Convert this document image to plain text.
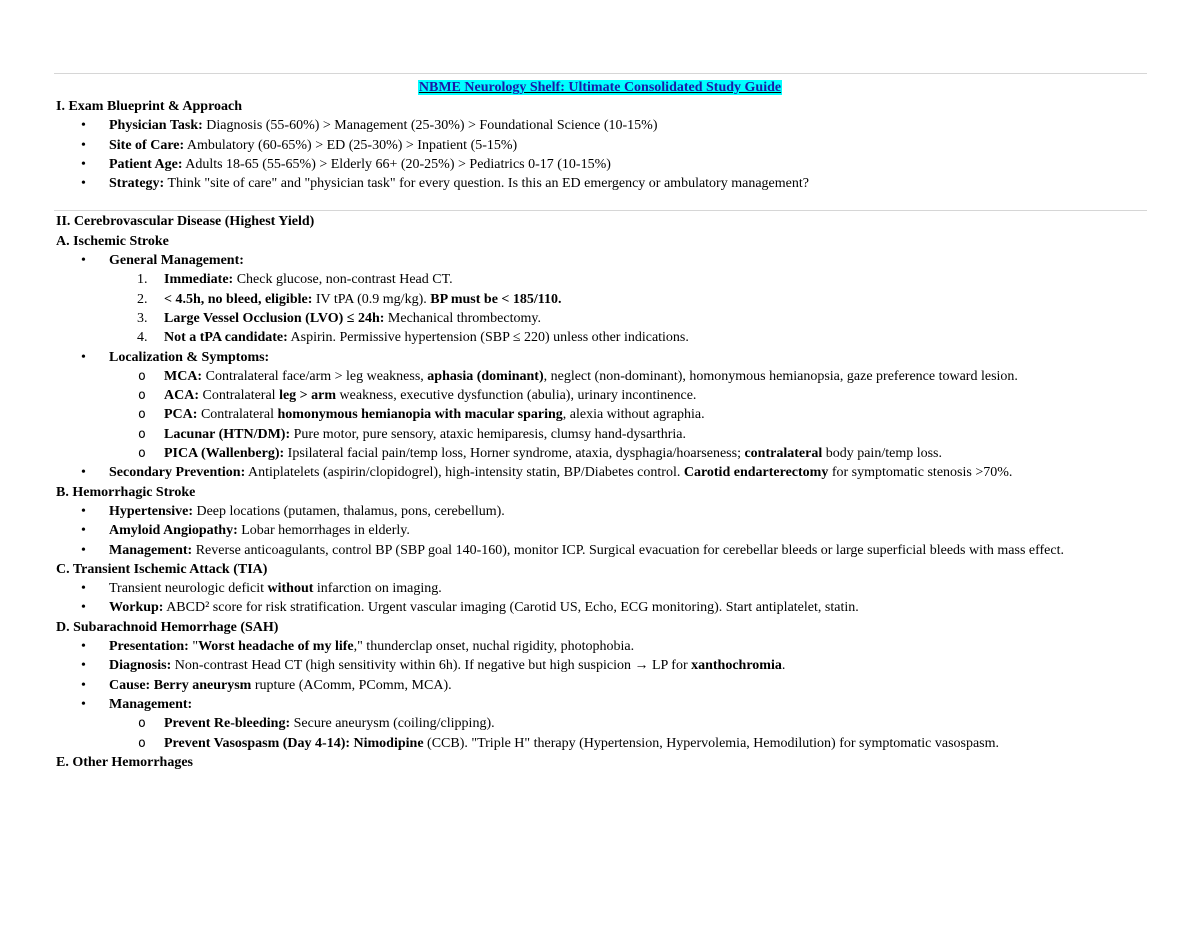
NBME Neurology Shelf: Ultimate Consolidated Study Guide
I. Exam Blueprint & Approach
• Physician Task: Diagnosis (55-60%) > Management (25-30%) > Foundational Science (10-15%)
• Site of Care: Ambulatory (60-65%) > ED (25-30%) > Inpatient (5-15%)
• Patient Age: Adults 18-65 (55-65%) > Elderly 66+ (20-25%) > Pediatrics 0-17 (10-15%)
• Strategy: Think "site of care" and "physician task" for every question. Is this an ED emergency or ambulatory management?
II. Cerebrovascular Disease (Highest Yield)
A. Ischemic Stroke
• General Management:
1. Immediate: Check glucose, non-contrast Head CT.
2. < 4.5h, no bleed, eligible: IV tPA (0.9 mg/kg). BP must be < 185/110.
3. Large Vessel Occlusion (LVO) ≤ 24h: Mechanical thrombectomy.
4. Not a tPA candidate: Aspirin. Permissive hypertension (SBP ≤ 220) unless other indications.
• Localization & Symptoms:
o MCA: Contralateral face/arm > leg weakness, aphasia (dominant), neglect (non-dominant), homonymous hemianopsia, gaze preference toward lesion.
o ACA: Contralateral leg > arm weakness, executive dysfunction (abulia), urinary incontinence.
o PCA: Contralateral homonymous hemianopia with macular sparing, alexia without agraphia.
o Lacunar (HTN/DM): Pure motor, pure sensory, ataxic hemiparesis, clumsy hand-dysarthria.
o PICA (Wallenberg): Ipsilateral facial pain/temp loss, Horner syndrome, ataxia, dysphagia/hoarseness; contralateral body pain/temp loss.
• Secondary Prevention: Antiplatelets (aspirin/clopidogrel), high-intensity statin, BP/Diabetes control. Carotid endarterectomy for symptomatic stenosis >70%.
B. Hemorrhagic Stroke
• Hypertensive: Deep locations (putamen, thalamus, pons, cerebellum).
• Amyloid Angiopathy: Lobar hemorrhages in elderly.
• Management: Reverse anticoagulants, control BP (SBP goal 140-160), monitor ICP. Surgical evacuation for cerebellar bleeds or large superficial bleeds with mass effect.
C. Transient Ischemic Attack (TIA)
• Transient neurologic deficit without infarction on imaging.
• Workup: ABCD² score for risk stratification. Urgent vascular imaging (Carotid US, Echo, ECG monitoring). Start antiplatelet, statin.
D. Subarachnoid Hemorrhage (SAH)
• Presentation: "Worst headache of my life," thunderclap onset, nuchal rigidity, photophobia.
• Diagnosis: Non-contrast Head CT (high sensitivity within 6h). If negative but high suspicion → LP for xanthochromia.
• Cause: Berry aneurysm rupture (AComm, PComm, MCA).
• Management:
o Prevent Re-bleeding: Secure aneurysm (coiling/clipping).
o Prevent Vasospasm (Day 4-14): Nimodipine (CCB). "Triple H" therapy (Hypertension, Hypervolemia, Hemodilution) for symptomatic vasospasm.
E. Other Hemorrhages
